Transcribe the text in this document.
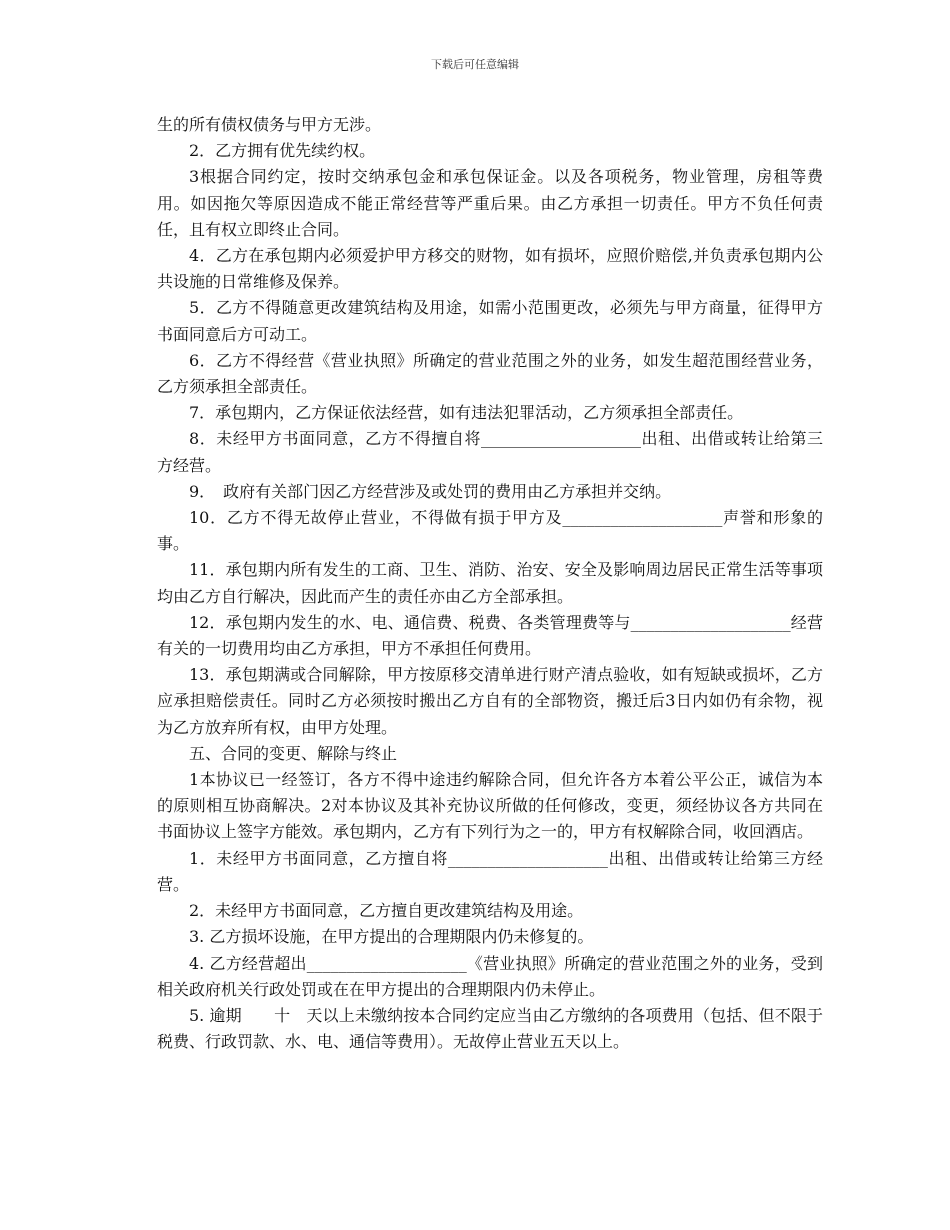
下载后可任意编辑

生的所有债权债务与甲方无涉。

2．乙方拥有优先续约权。

3根据合同约定，按时交纳承包金和承包保证金。以及各项税务，物业管理，房租等费用。如因拖欠等原因造成不能正常经营等严重后果。由乙方承担一切责任。甲方不负任何责任，且有权立即终止合同。

4．乙方在承包期内必须爱护甲方移交的财物，如有损坏，应照价赔偿,并负责承包期内公共设施的日常维修及保养。

5．乙方不得随意更改建筑结构及用途，如需小范围更改，必须先与甲方商量，征得甲方书面同意后方可动工。

6．乙方不得经营《营业执照》所确定的营业范围之外的业务，如发生超范围经营业务，乙方须承担全部责任。

7．承包期内，乙方保证依法经营，如有违法犯罪活动，乙方须承担全部责任。

8．未经甲方书面同意，乙方不得擅自将____________________出租、出借或转让给第三方经营。

9．　政府有关部门因乙方经营涉及或处罚的费用由乙方承担并交纳。

10．乙方不得无故停止营业，不得做有损于甲方及____________________声誉和形象的事。

11．承包期内所有发生的工商、卫生、消防、治安、安全及影响周边居民正常生活等事项均由乙方自行解决，因此而产生的责任亦由乙方全部承担。

12．承包期内发生的水、电、通信费、税费、各类管理费等与____________________经营有关的一切费用均由乙方承担，甲方不承担任何费用。

13．承包期满或合同解除，甲方按原移交清单进行财产清点验收，如有短缺或损坏，乙方应承担赔偿责任。同时乙方必须按时搬出乙方自有的全部物资，搬迁后3日内如仍有余物，视为乙方放弃所有权，由甲方处理。

五、合同的变更、解除与终止

1本协议已一经签订，各方不得中途违约解除合同，但允许各方本着公平公正，诚信为本的原则相互协商解决。2对本协议及其补充协议所做的任何修改，变更，须经协议各方共同在书面协议上签字方能效。承包期内，乙方有下列行为之一的，甲方有权解除合同，收回酒店。

1．未经甲方书面同意，乙方擅自将____________________出租、出借或转让给第三方经营。

2．未经甲方书面同意，乙方擅自更改建筑结构及用途。

3. 乙方损坏设施，在甲方提出的合理期限内仍未修复的。

4. 乙方经营超出____________________《营业执照》所确定的营业范围之外的业务，受到相关政府机关行政处罚或在在甲方提出的合理期限内仍未停止。

5. 逾期　　十　天以上未缴纳按本合同约定应当由乙方缴纳的各项费用（包括、但不限于税费、行政罚款、水、电、通信等费用）。无故停止营业五天以上。
